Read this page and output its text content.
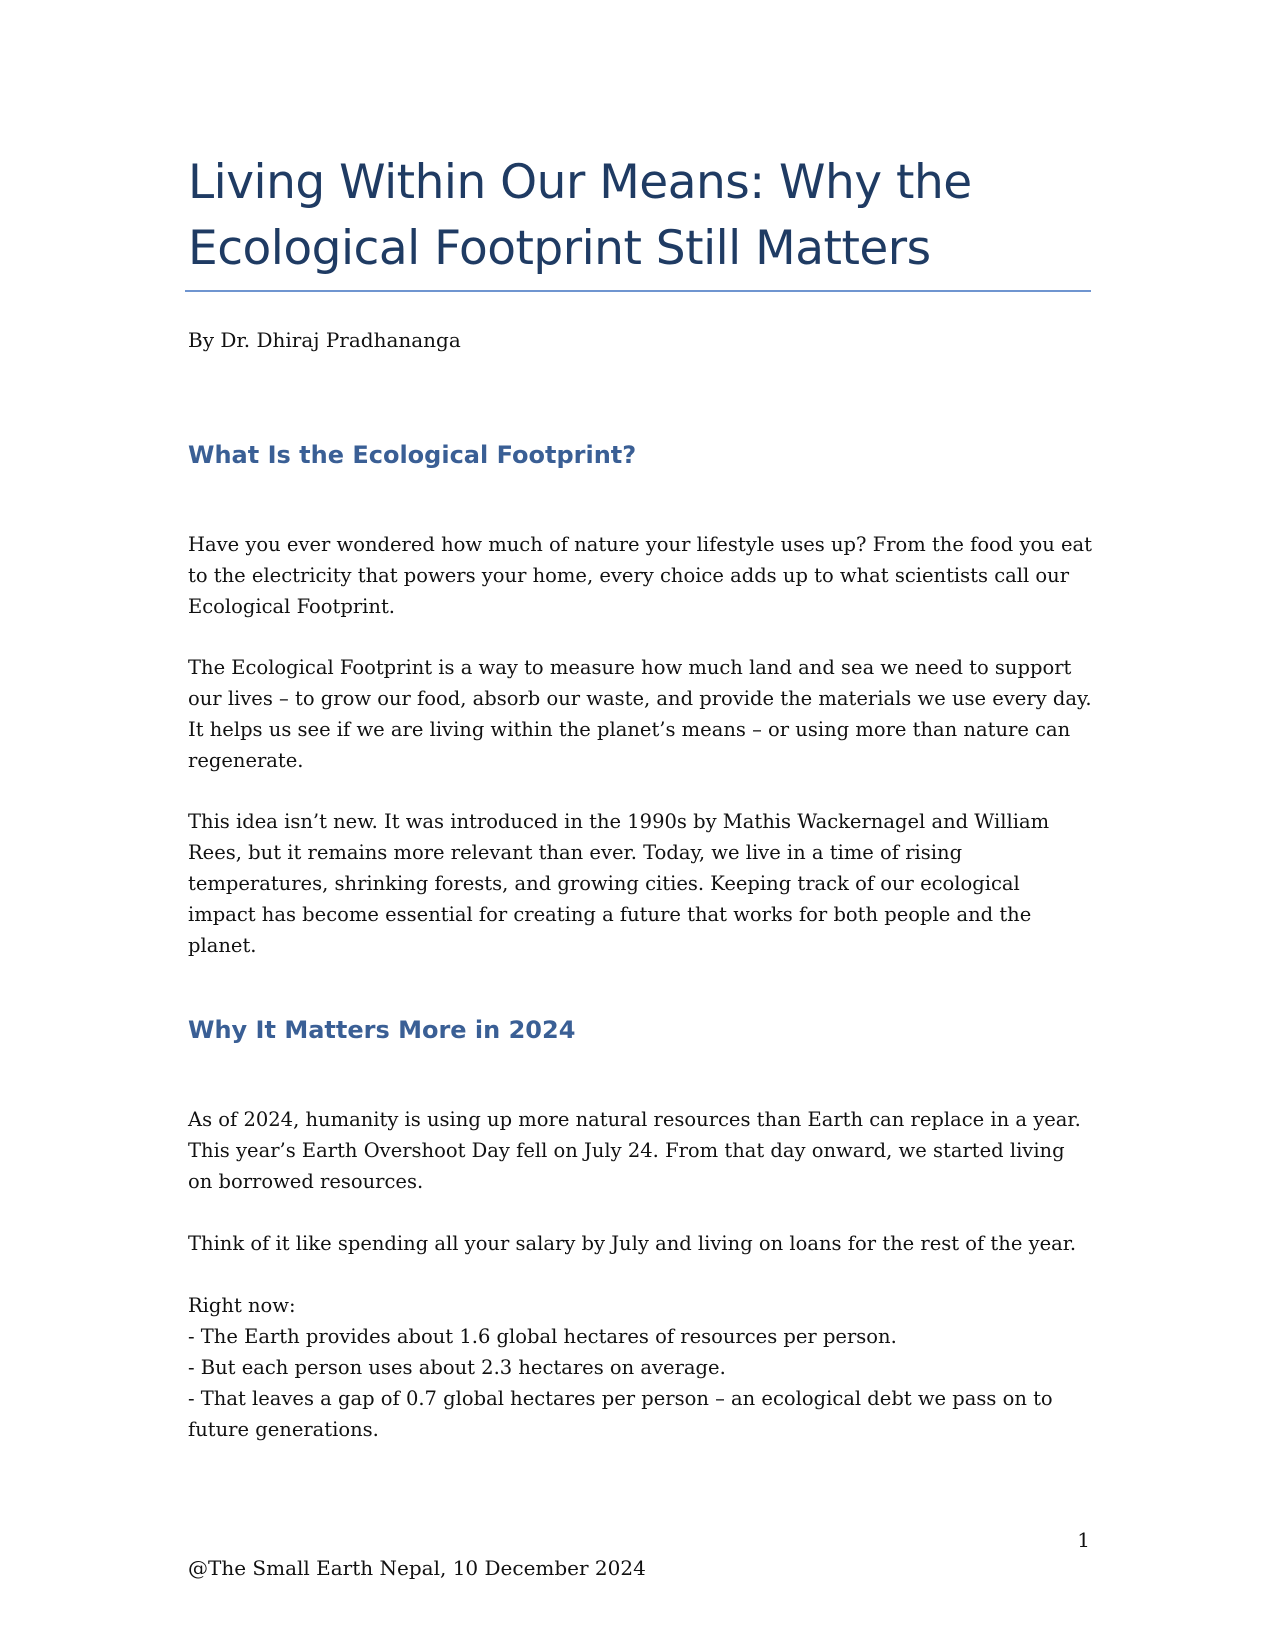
Living Within Our Means: Why the Ecological Footprint Still Matters

By Dr. Dhiraj Pradhananga

What Is the Ecological Footprint?

Have you ever wondered how much of nature your lifestyle uses up? From the food you eat to the electricity that powers your home, every choice adds up to what scientists call our Ecological Footprint.

The Ecological Footprint is a way to measure how much land and sea we need to support our lives – to grow our food, absorb our waste, and provide the materials we use every day. It helps us see if we are living within the planet’s means – or using more than nature can regenerate.

This idea isn’t new. It was introduced in the 1990s by Mathis Wackernagel and William Rees, but it remains more relevant than ever. Today, we live in a time of rising temperatures, shrinking forests, and growing cities. Keeping track of our ecological impact has become essential for creating a future that works for both people and the planet.

Why It Matters More in 2024

As of 2024, humanity is using up more natural resources than Earth can replace in a year. This year’s Earth Overshoot Day fell on July 24. From that day onward, we started living on borrowed resources.

Think of it like spending all your salary by July and living on loans for the rest of the year.

Right now:

- The Earth provides about 1.6 global hectares of resources per person.
- But each person uses about 2.3 hectares on average.
- That leaves a gap of 0.7 global hectares per person – an ecological debt we pass on to future generations.
1

@The Small Earth Nepal, 10 December 2024
